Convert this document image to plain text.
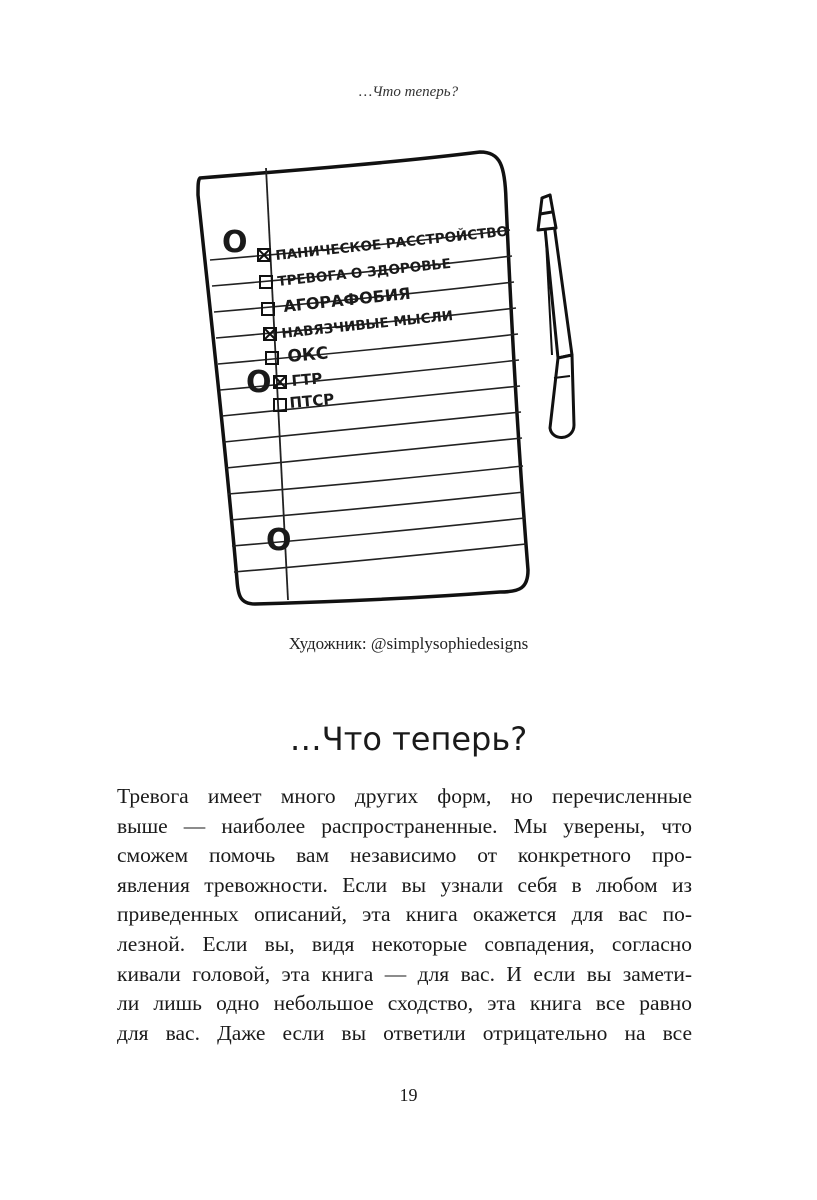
…Что теперь?
O
O
O
ПАНИЧЕСКОЕ РАССТРОЙСТВО
ТРЕВОГА О ЗДОРОВЬЕ
АГОРАФОБИЯ
НАВЯЗЧИВЫЕ МЫСЛИ
ОКС
ГТР
ПТСР
Художник: @simplysophiedesigns
…Что теперь?
Тревога имеет много других форм, но перечисленные
выше — наиболее распространенные. Мы уверены, что
сможем помочь вам независимо от конкретного про-
явления тревожности. Если вы узнали себя в любом из
приведенных описаний, эта книга окажется для вас по-
лезной. Если вы, видя некоторые совпадения, согласно
кивали головой, эта книга — для вас. И если вы замети-
ли лишь одно небольшое сходство, эта книга все равно
для вас. Даже если вы ответили отрицательно на все
19
